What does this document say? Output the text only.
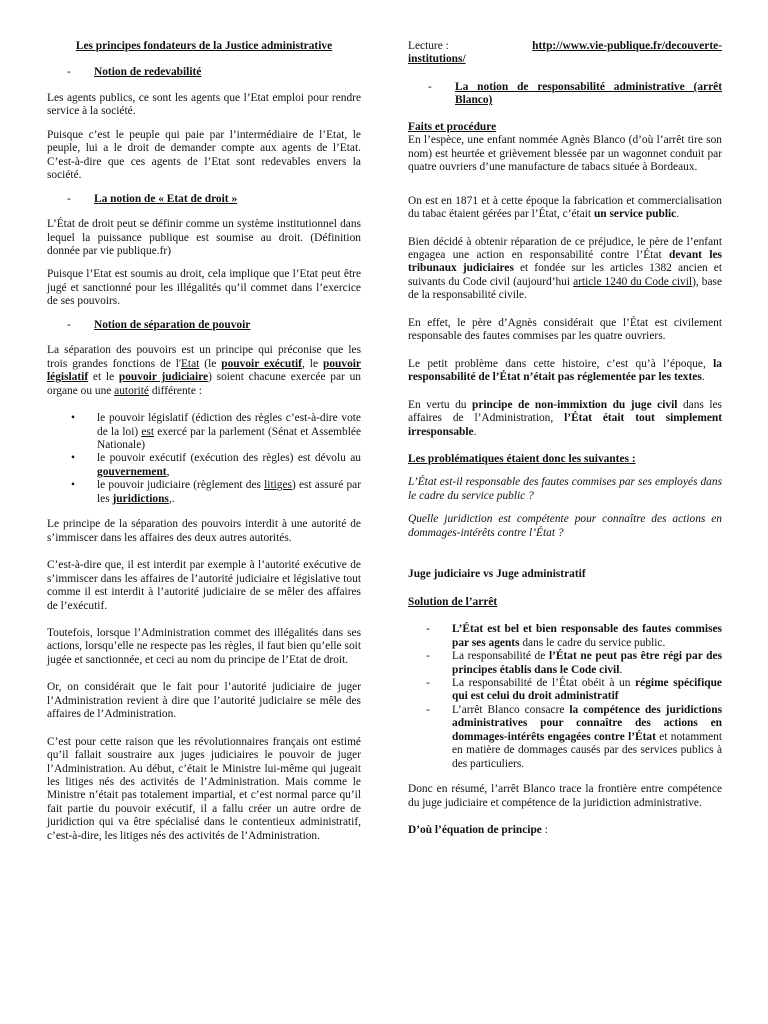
Les principes fondateurs de la Justice administrative
-	Notion de redevabilité

Les agents publics, ce sont les agents que l’Etat emploi pour rendre service à la société.

Puisque c’est le peuple qui paie par l’intermédiaire de l’Etat, le peuple, lui a le droit de demander compte aux agents de l’Etat. C’est-à-dire que ces agents de l’Etat sont redevables envers la société.

-	La notion de « Etat de droit »

L’État de droit peut se définir comme un système institutionnel dans lequel la puissance publique est soumise au droit. (Définition donnée par vie publique.fr)

Puisque l’Etat est soumis au droit, cela implique que l’Etat peut être jugé et sanctionné pour les illégalités qu’il commet dans l’exercice de ses pouvoirs.

-	Notion de séparation de pouvoir

La séparation des pouvoirs est un principe qui préconise que les trois grandes fonctions de l'Etat (le pouvoir exécutif, le pouvoir législatif et le pouvoir judiciaire) soient chacune exercée par un organe ou une autorité différente :

•	le pouvoir législatif (édiction des règles c’est-à-dire vote de la loi) est exercé par la parlement (Sénat et Assemblée Nationale)
•	le pouvoir exécutif (exécution des règles) est dévolu au gouvernement,
•	le pouvoir judiciaire (règlement des litiges) est assuré par les juridictions,.

Le principe de la séparation des pouvoirs interdit à une autorité de s’immiscer dans les affaires des deux autres autorités.

C’est-à-dire que, il est interdit par exemple à l’autorité exécutive de s’immiscer dans les affaires de l’autorité judiciaire et législative tout comme il est interdit à l’autorité judiciaire de se mêler des affaires de l’exécutif.

Toutefois, lorsque l’Administration commet des illégalités dans ses actions, lorsqu’elle ne respecte pas les règles, il faut bien qu’elle soit jugée et sanctionnée, et ceci au nom du principe de l’Etat de droit.

Or, on considérait que le fait pour l’autorité judiciaire de juger l’Administration revient à dire que l’autorité judiciaire se mêle des affaires de l’Administration.

C’est pour cette raison que les révolutionnaires français ont estimé qu’il fallait soustraire aux juges judiciaires le pouvoir de juger l’Administration. Au début, c’était le Ministre lui-même qui jugeait les litiges nés des activités de l’Administration. Mais comme le Ministre n’était pas totalement impartial, et c’est normal parce qu’il fait partie du pouvoir exécutif, il a fallu créer un autre ordre de juridiction qui va être spécialisé dans le contentieux administratif, c’est-à-dire, les litiges nés des activités de l’Administration.

Lecture :	http://www.vie-publique.fr/decouverte-

institutions/

-	La notion de responsabilité administrative (arrêt Blanco)

Faits et procédure

En l’espèce, une enfant nommée Agnès Blanco (d’où l’arrêt tire son nom) est heurtée et grièvement blessée par un wagonnet conduit par quatre ouvriers d’une manufacture de tabacs située à Bordeaux.

On est en 1871 et à cette époque la fabrication et commercialisation du tabac étaient gérées par l’État, c’était un service public.

Bien décidé à obtenir réparation de ce préjudice, le père de l’enfant engagea une action en responsabilité contre l’État devant les tribunaux judiciaires et fondée sur les articles 1382 ancien et suivants du Code civil (aujourd’hui article 1240 du Code civil), base de la responsabilité civile.

En effet, le père d’Agnès considérait que l’État est civilement responsable des fautes commises par les quatre ouvriers.

Le petit problème dans cette histoire, c’est qu’à l’époque, la responsabilité de l’État n’était pas réglementée par les textes.

En vertu du principe de non-immixtion du juge civil dans les affaires de l’Administration, l’État était tout simplement irresponsable.

Les problématiques étaient donc les suivantes :

L’État est-il responsable des fautes commises par ses employés dans le cadre du service public ?

Quelle juridiction est compétente pour connaître des actions en dommages-intérêts contre l’État ?

Juge judiciaire vs Juge administratif

Solution de l’arrêt

-	L’État est bel et bien responsable des fautes commises par ses agents dans le cadre du service public.
-	La responsabilité de l’État ne peut pas être régi par des principes établis dans le Code civil.
-	La responsabilité de l’État obéit à un régime spécifique qui est celui du droit administratif
-	L’arrêt Blanco consacre la compétence des juridictions administratives pour connaître des actions en dommages-intérêts engagées contre l’État et notamment en matière de dommages causés par des services publics à des particuliers.

Donc en résumé, l’arrêt Blanco trace la frontière entre compétence du juge judiciaire et compétence de la juridiction administrative.

D’où l’équation de principe :
